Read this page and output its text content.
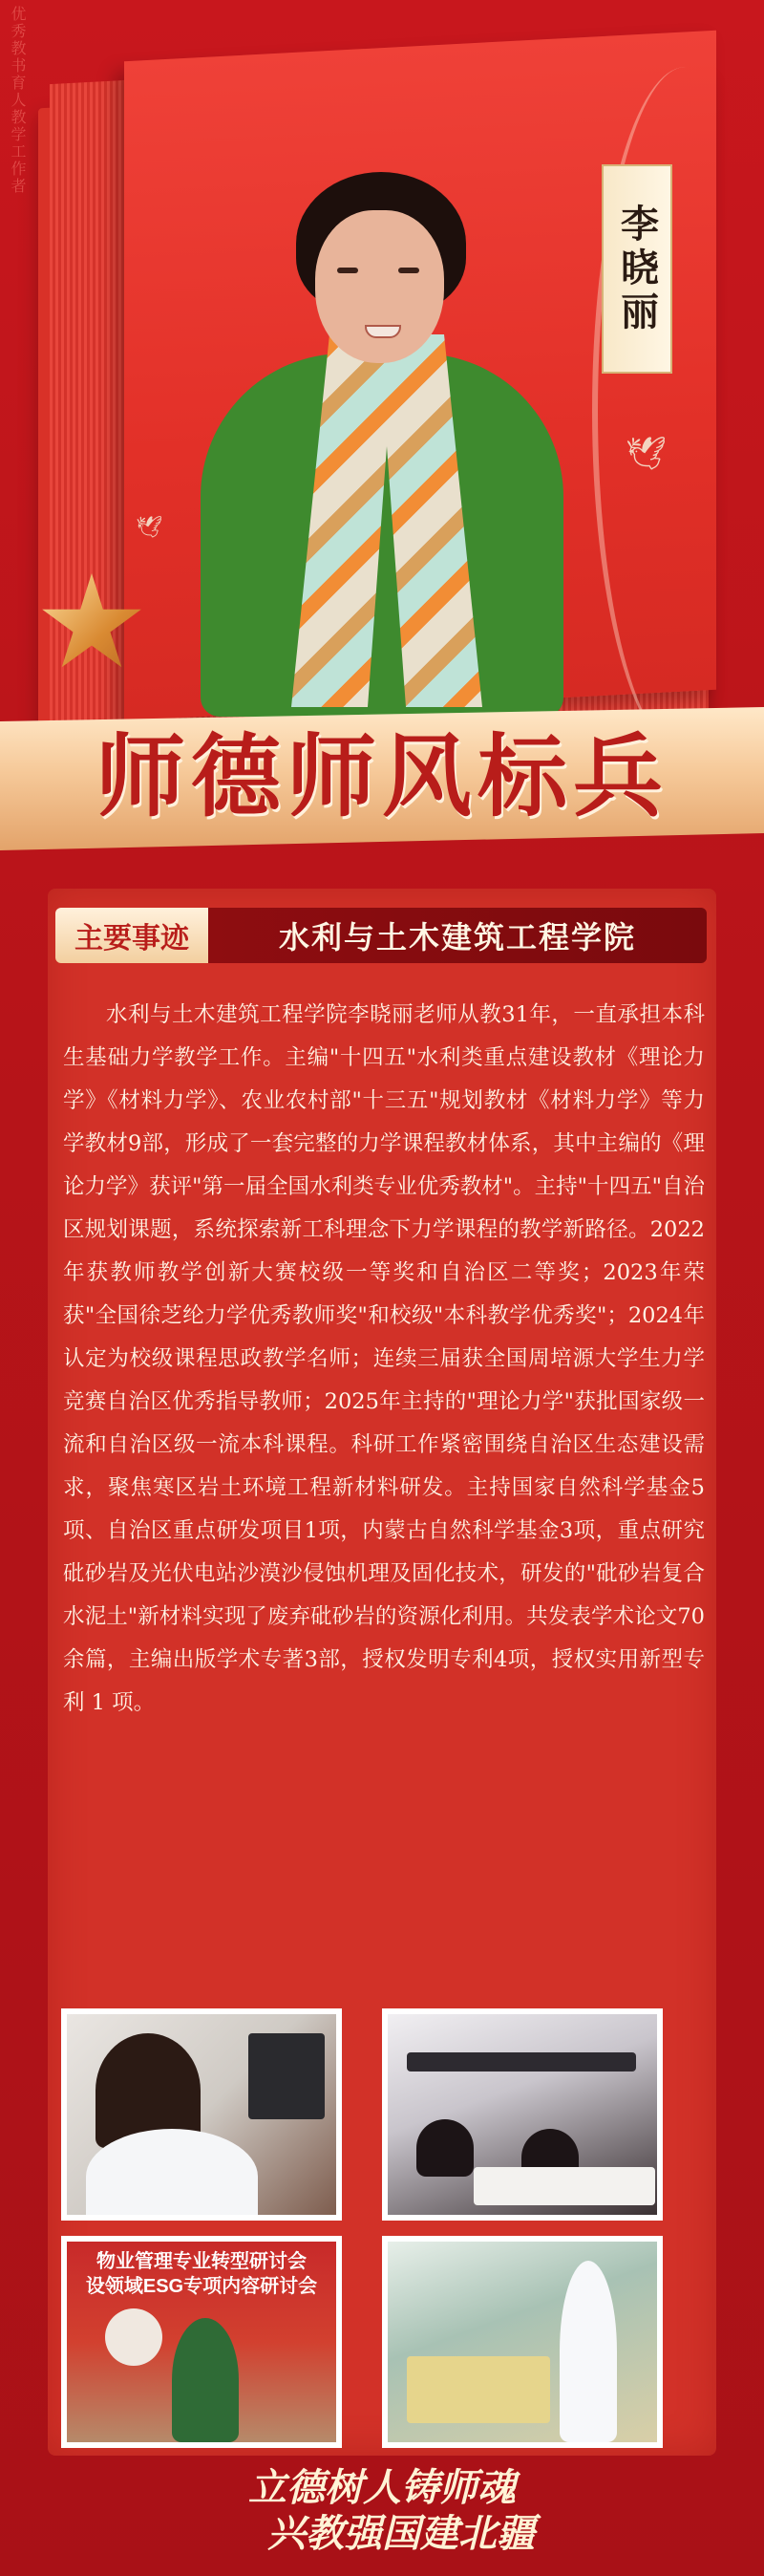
优秀教书育人教学工作者
李晓丽
🕊
🕊
师德师风标兵
主要事迹	水利与土木建筑工程学院

水利与土木建筑工程学院李晓丽老师从教31年，一直承担本科生基础力学教学工作。主编"十四五"水利类重点建设教材《理论力学》《材料力学》、农业农村部"十三五"规划教材《材料力学》等力学教材9部，形成了一套完整的力学课程教材体系，其中主编的《理论力学》获评"第一届全国水利类专业优秀教材"。主持"十四五"自治区规划课题，系统探索新工科理念下力学课程的教学新路径。2022年获教师教学创新大赛校级一等奖和自治区二等奖；2023年荣获"全国徐芝纶力学优秀教师奖"和校级"本科教学优秀奖"；2024年认定为校级课程思政教学名师；连续三届获全国周培源大学生力学竞赛自治区优秀指导教师；2025年主持的"理论力学"获批国家级一流和自治区级一流本科课程。科研工作紧密围绕自治区生态建设需求，聚焦寒区岩土环境工程新材料研发。主持国家自然科学基金5项、自治区重点研发项目1项，内蒙古自然科学基金3项，重点研究砒砂岩及光伏电站沙漠沙侵蚀机理及固化技术，研发的"砒砂岩复合水泥土"新材料实现了废弃砒砂岩的资源化利用。共发表学术论文70余篇，主编出版学术专著3部，授权发明专利4项，授权实用新型专利 1 项。

物业管理专业转型研讨会
设领域ESG专项内容研讨会
立德树人铸师魂
兴教强国建北疆
